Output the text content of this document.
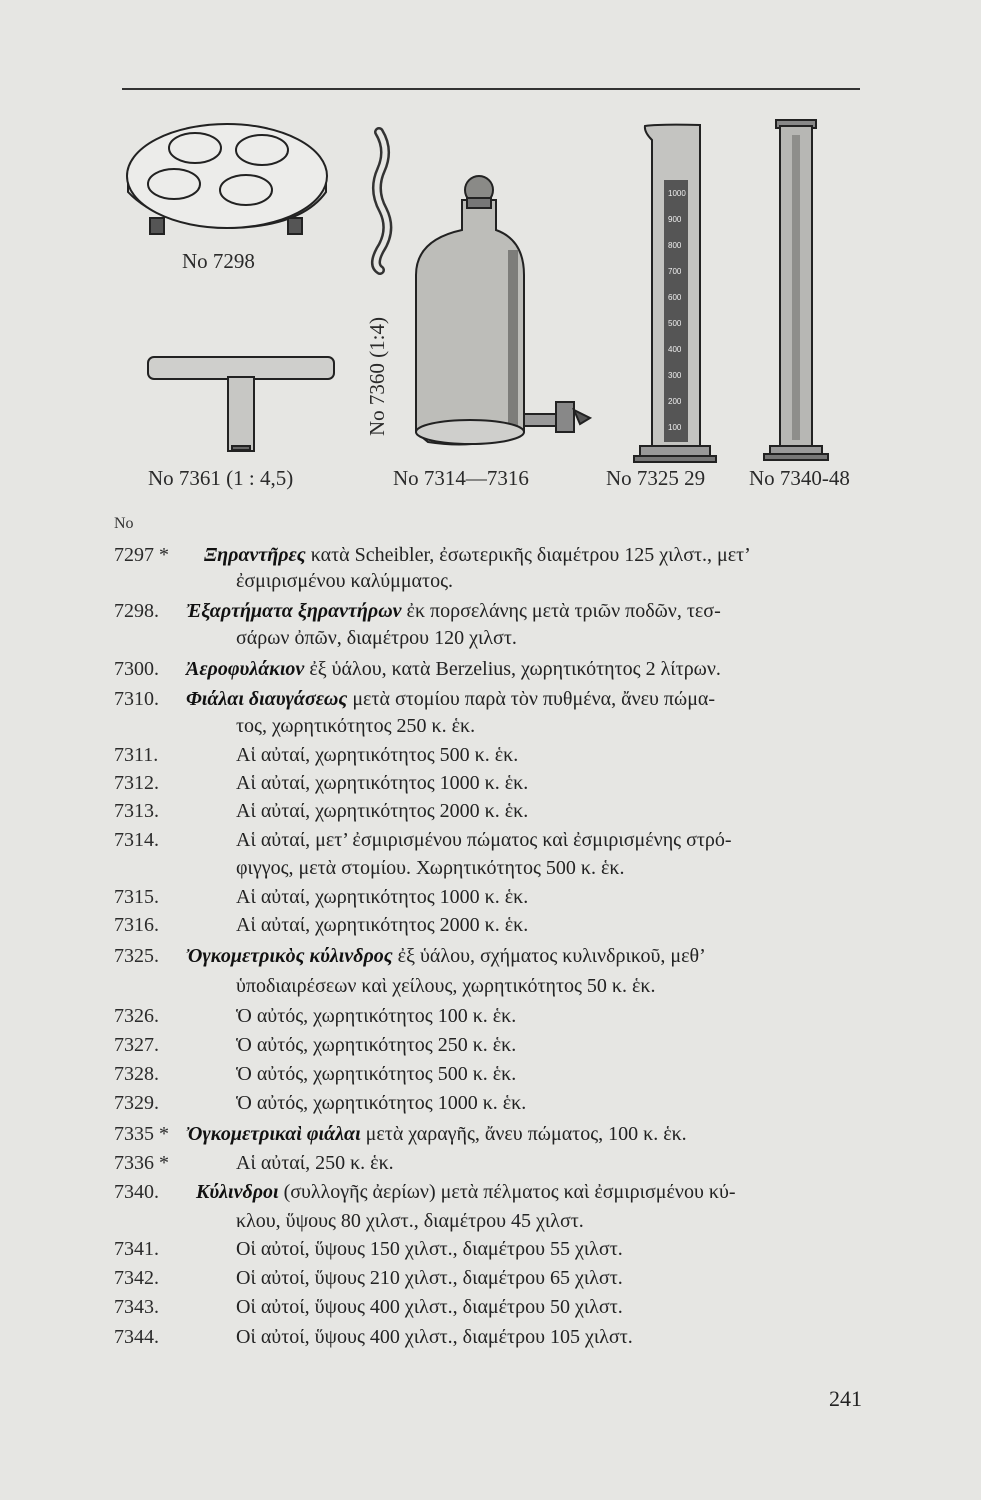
1000
900
800
700
600
500
400
300
200
100
No 7298
No 7361 (1 : 4,5)
No 7360 (1:4)
No 7314—7316	No 7325 29 No 7340-48
No
7297 * Ξηραντῆρες κατὰ Scheibler, ἐσωτερικῆς διαμέτρου 125 χιλστ., μετ’
ἐσμιρισμένου καλύμματος.
7298. Ἐξαρτήματα ξηραντήρων ἐκ πορσελάνης μετὰ τριῶν ποδῶν, τεσ-
σάρων ὀπῶν, διαμέτρου 120 χιλστ.
7300. Ἀεροφυλάκιον ἐξ ὑάλου, κατὰ Berzelius, χωρητικότητος 2 λίτρων.
7310. Φιάλαι διαυγάσεως μετὰ στομίου παρὰ τὸν πυθμένα, ἄνευ πώμα-
τος, χωρητικότητος 250 κ. ἑκ.
7311.	Αἱ αὐταί, χωρητικότητος 500 κ. ἑκ.
7312.	Αἱ αὐταί, χωρητικότητος 1000 κ. ἑκ.
7313.	Αἱ αὐταί, χωρητικότητος 2000 κ. ἑκ.
7314.	Αἱ αὐταί, μετ’ ἐσμιρισμένου πώματος καὶ ἐσμιρισμένης στρό-
φιγγος, μετὰ στομίου. Χωρητικότητος 500 κ. ἑκ.
7315.	Αἱ αὐταί, χωρητικότητος 1000 κ. ἑκ.
7316.	Αἱ αὐταί, χωρητικότητος 2000 κ. ἑκ.
7325. Ὀγκομετρικὸς κύλινδρος ἐξ ὑάλου, σχήματος κυλινδρικοῦ, μεθ’
ὑποδιαιρέσεων καὶ χείλους, χωρητικότητος 50 κ. ἑκ.
7326.	Ὁ αὐτός, χωρητικότητος 100 κ. ἑκ.
7327.	Ὁ αὐτός, χωρητικότητος 250 κ. ἑκ.
7328.	Ὁ αὐτός, χωρητικότητος 500 κ. ἑκ.
7329.	Ὁ αὐτός, χωρητικότητος 1000 κ. ἑκ.
7335 * Ὀγκομετρικαὶ φιάλαι μετὰ χαραγῆς, ἄνευ πώματος, 100 κ. ἑκ.
7336 *	Αἱ αὐταί, 250 κ. ἑκ.
7340. Κύλινδροι (συλλογῆς ἀερίων) μετὰ πέλματος καὶ ἐσμιρισμένου κύ-
κλου, ὕψους 80 χιλστ., διαμέτρου 45 χιλστ.
7341.	Οἱ αὐτοί, ὕψους 150 χιλστ., διαμέτρου 55 χιλστ.
7342.	Οἱ αὐτοί, ὕψους 210 χιλστ., διαμέτρου 65 χιλστ.
7343.	Οἱ αὐτοί, ὕψους 400 χιλστ., διαμέτρου 50 χιλστ.
7344.	Οἱ αὐτοί, ὕψους 400 χιλστ., διαμέτρου 105 χιλστ.
241
